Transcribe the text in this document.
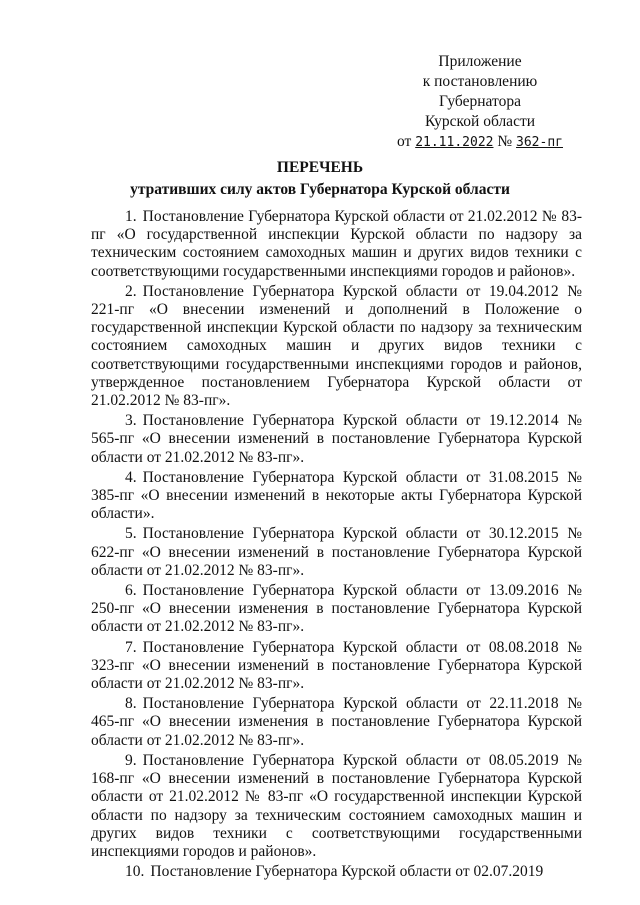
Приложение
к постановлению Губернатора
Курской области
от 21.11.2022 № 362-пг
ПЕРЕЧЕНЬ
утративших силу актов Губернатора Курской области

1. Постановление Губернатора Курской области от 21.02.2012 № 83-пг «О государственной инспекции Курской области по надзору за техническим состоянием самоходных машин и других видов техники с соответствующими государственными инспекциями городов и районов».

2. Постановление Губернатора Курской области от 19.04.2012 № 221-пг «О внесении изменений и дополнений в Положение о государственной инспекции Курской области по надзору за техническим состоянием самоходных машин и других видов техники с соответствующими государственными инспекциями городов и районов, утвержденное постановлением Губернатора Курской области от 21.02.2012 № 83-пг».

3. Постановление Губернатора Курской области от 19.12.2014 № 565-пг «О внесении изменений в постановление Губернатора Курской области от 21.02.2012 № 83-пг».

4. Постановление Губернатора Курской области от 31.08.2015 № 385-пг «О внесении изменений в некоторые акты Губернатора Курской области».

5. Постановление Губернатора Курской области от 30.12.2015 № 622-пг «О внесении изменений в постановление Губернатора Курской области от 21.02.2012 № 83-пг».

6. Постановление Губернатора Курской области от 13.09.2016 № 250-пг «О внесении изменения в постановление Губернатора Курской области от 21.02.2012 № 83-пг».

7. Постановление Губернатора Курской области от 08.08.2018 № 323-пг «О внесении изменений в постановление Губернатора Курской области от 21.02.2012 № 83-пг».

8. Постановление Губернатора Курской области от 22.11.2018 № 465-пг «О внесении изменения в постановление Губернатора Курской области от 21.02.2012 № 83-пг».

9. Постановление Губернатора Курской области от 08.05.2019 № 168-пг «О внесении изменений в постановление Губернатора Курской области от 21.02.2012 № 83-пг «О государственной инспекции Курской области по надзору за техническим состоянием самоходных машин и других видов техники с соответствующими государственными инспекциями городов и районов».

10. Постановление Губернатора Курской области от 02.07.2019
